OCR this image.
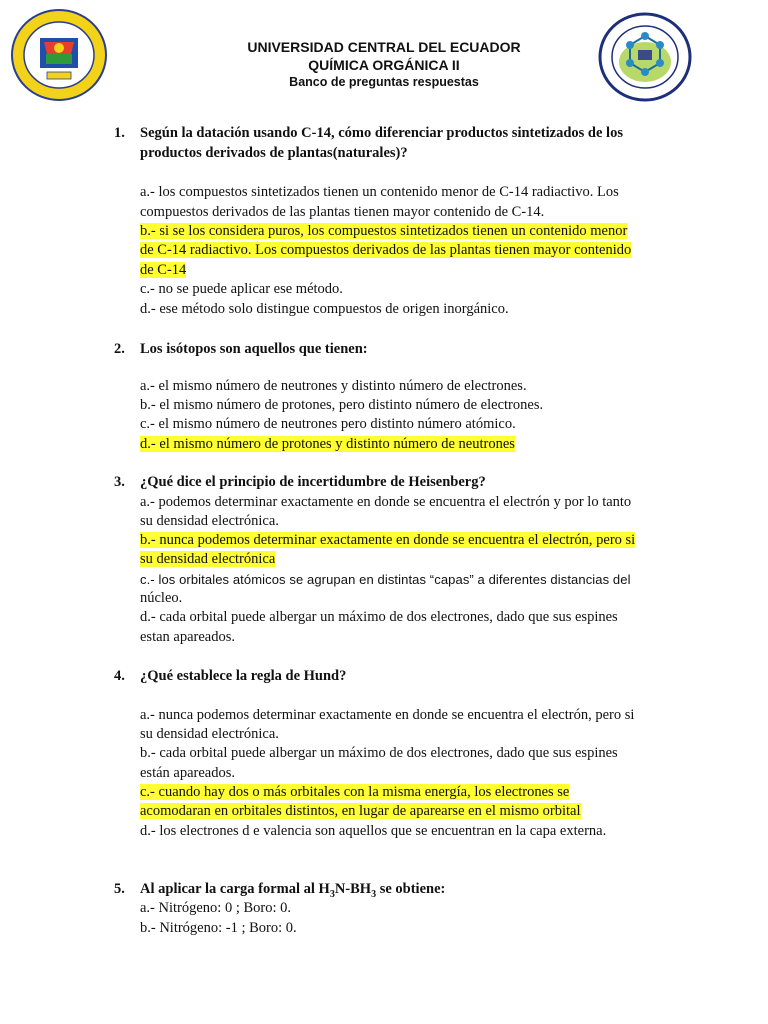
UNIVERSIDAD CENTRAL DEL ECUADOR
QUÍMICA ORGÁNICA II
Banco de preguntas respuestas
1. Según la datación usando C-14, cómo diferenciar productos sintetizados de los
productos derivados de plantas(naturales)?
a.- los compuestos sintetizados tienen un contenido menor de C-14 radiactivo. Los
compuestos derivados de las plantas tienen mayor contenido de C-14.
b.- si se los considera puros, los compuestos sintetizados tienen un contenido menor
de C-14 radiactivo. Los compuestos derivados de las plantas tienen mayor contenido
de C-14
c.- no se puede aplicar ese método.
d.- ese método solo distingue compuestos de origen inorgánico.
2. Los isótopos son aquellos que tienen:
a.- el mismo número de neutrones y distinto número de electrones.
b.- el mismo número de protones, pero distinto número de electrones.
c.- el mismo número de neutrones pero distinto número atómico.
d.- el mismo número de protones y distinto número de neutrones
3. ¿Qué dice el principio de incertidumbre de Heisenberg?
a.- podemos determinar exactamente en donde se encuentra el electrón y por lo tanto
su densidad electrónica.
b.- nunca podemos determinar exactamente en donde se encuentra el electrón, pero si
su densidad electrónica
c.- los orbitales atómicos se agrupan en distintas “capas” a diferentes distancias del
núcleo.
d.- cada orbital puede albergar un máximo de dos electrones, dado que sus espines
estan apareados.
4. ¿Qué establece la regla de Hund?
a.- nunca podemos determinar exactamente en donde se encuentra el electrón, pero si
su densidad electrónica.
b.- cada orbital puede albergar un máximo de dos electrones, dado que sus espines
están apareados.
c.- cuando hay dos o más orbitales con la misma energía, los electrones se
acomodaran en orbitales distintos, en lugar de aparearse en el mismo orbital
d.- los electrones d e valencia son aquellos que se encuentran en la capa externa.
5. Al aplicar la carga formal al $H_3N-BH_3$ se obtiene:
a.- Nitrógeno: 0 ; Boro: 0.
b.- Nitrógeno: -1 ; Boro: 0.
